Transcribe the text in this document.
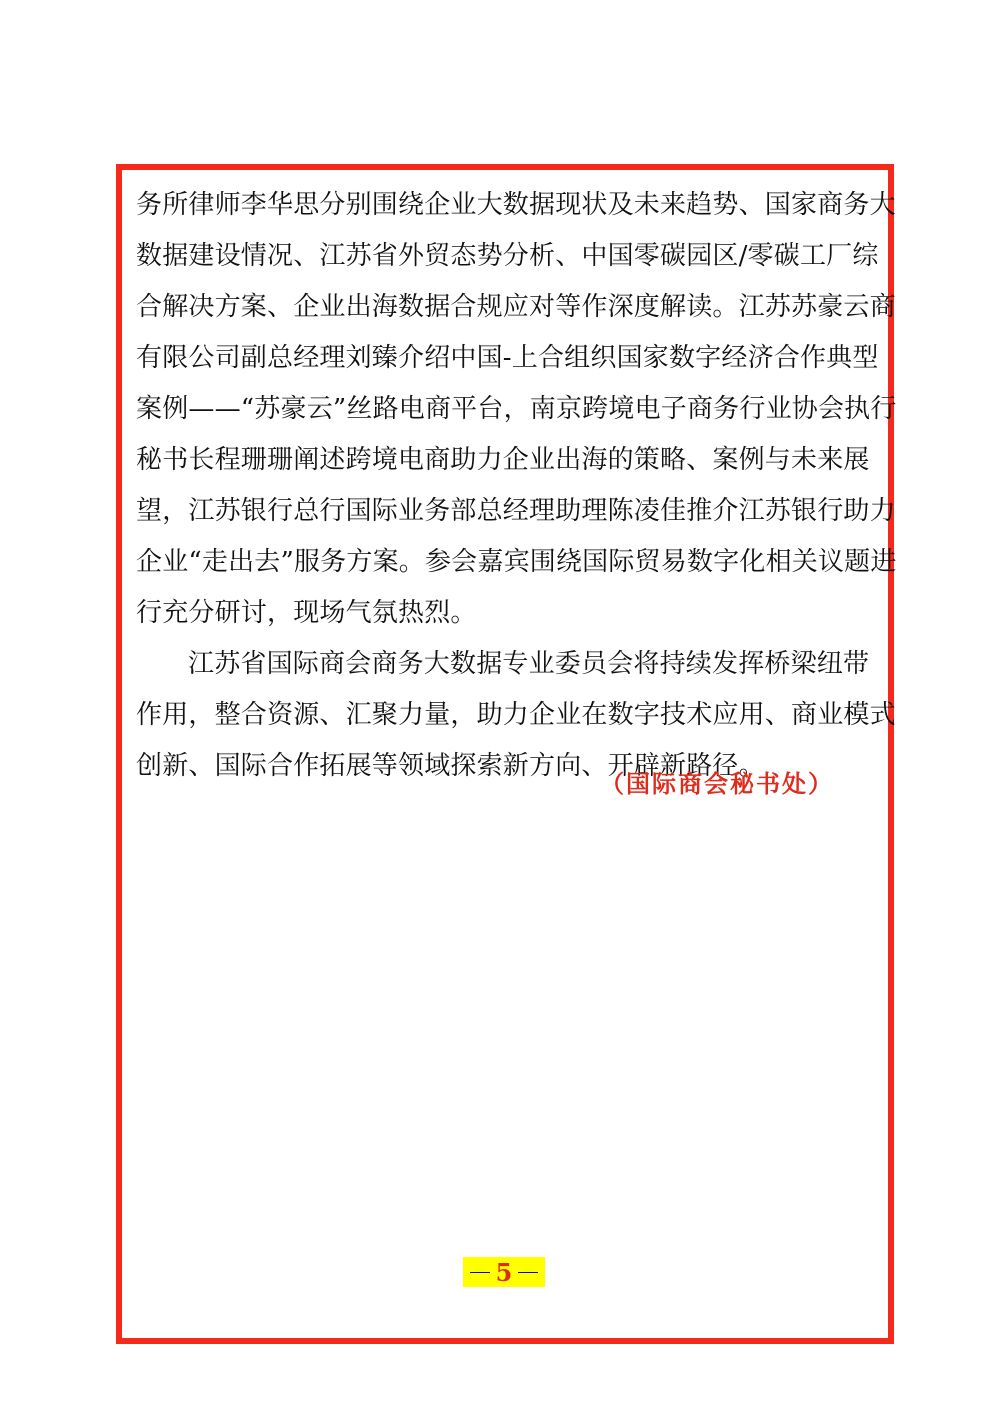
务所律师李华思分别围绕企业大数据现状及未来趋势、国家商务大
数据建设情况、江苏省外贸态势分析、中国零碳园区/零碳工厂综
合解决方案、企业出海数据合规应对等作深度解读。江苏苏豪云商
有限公司副总经理刘臻介绍中国-上合组织国家数字经济合作典型
案例——“苏豪云”丝路电商平台，南京跨境电子商务行业协会执行
秘书长程珊珊阐述跨境电商助力企业出海的策略、案例与未来展
望，江苏银行总行国际业务部总经理助理陈凌佳推介江苏银行助力
企业“走出去”服务方案。参会嘉宾围绕国际贸易数字化相关议题进
行充分研讨，现场气氛热烈。
江苏省国际商会商务大数据专业委员会将持续发挥桥梁纽带
作用，整合资源、汇聚力量，助力企业在数字技术应用、商业模式
创新、国际合作拓展等领域探索新方向、开辟新路径。
（国际商会秘书处）
5
